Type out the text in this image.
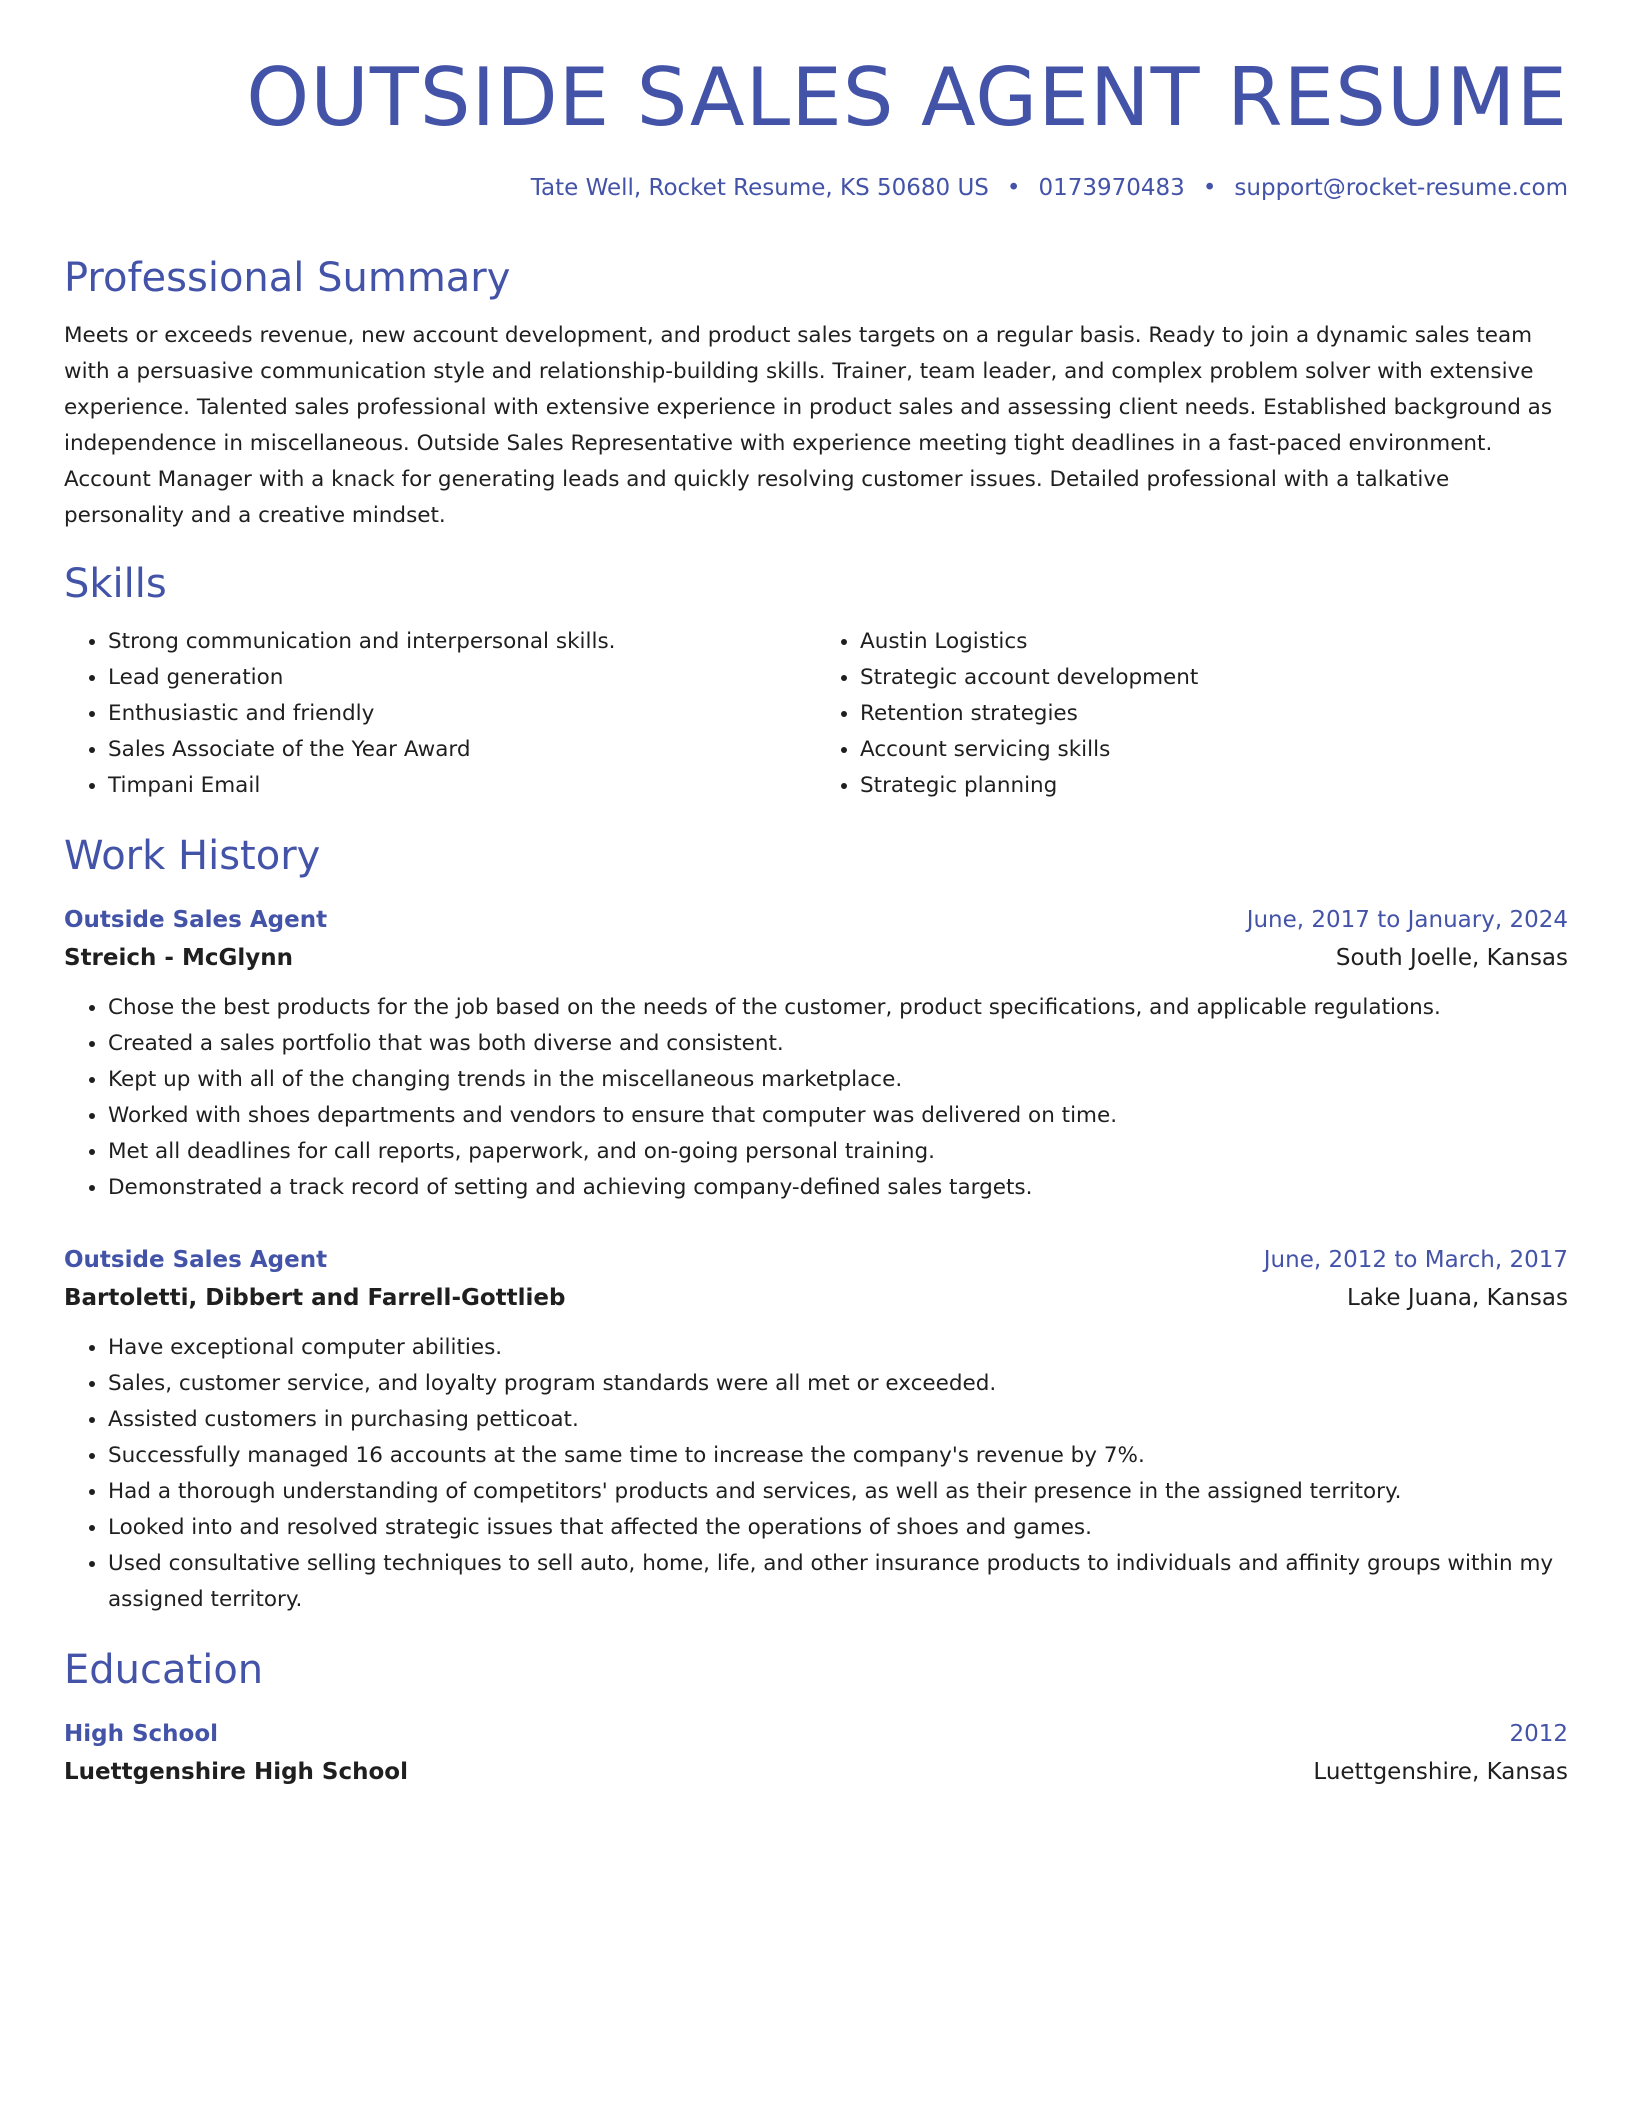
OUTSIDE SALES AGENT RESUME
Tate Well, Rocket Resume, KS 50680 US • 0173970483 • support@rocket-resume.com
Professional Summary
Meets or exceeds revenue, new account development, and product sales targets on a regular basis. Ready to join a dynamic sales team with a persuasive communication style and relationship-building skills. Trainer, team leader, and complex problem solver with extensive experience. Talented sales professional with extensive experience in product sales and assessing client needs. Established background as independence in miscellaneous. Outside Sales Representative with experience meeting tight deadlines in a fast-paced environment. Account Manager with a knack for generating leads and quickly resolving customer issues. Detailed professional with a talkative personality and a creative mindset.
Skills
• Strong communication and interpersonal skills.
• Lead generation
• Enthusiastic and friendly
• Sales Associate of the Year Award
• Timpani Email
• Austin Logistics
• Strategic account development
• Retention strategies
• Account servicing skills
• Strategic planning
Work History
Outside Sales Agent	June, 2017 to January, 2024
Streich - McGlynn	South Joelle, Kansas
• Chose the best products for the job based on the needs of the customer, product specifications, and applicable regulations.
• Created a sales portfolio that was both diverse and consistent.
• Kept up with all of the changing trends in the miscellaneous marketplace.
• Worked with shoes departments and vendors to ensure that computer was delivered on time.
• Met all deadlines for call reports, paperwork, and on-going personal training.
• Demonstrated a track record of setting and achieving company-defined sales targets.
Outside Sales Agent	June, 2012 to March, 2017
Bartoletti, Dibbert and Farrell-Gottlieb	Lake Juana, Kansas
• Have exceptional computer abilities.
• Sales, customer service, and loyalty program standards were all met or exceeded.
• Assisted customers in purchasing petticoat.
• Successfully managed 16 accounts at the same time to increase the company's revenue by 7%.
• Had a thorough understanding of competitors' products and services, as well as their presence in the assigned territory.
• Looked into and resolved strategic issues that affected the operations of shoes and games.
• Used consultative selling techniques to sell auto, home, life, and other insurance products to individuals and affinity groups within my assigned territory.
Education
High School	2012
Luettgenshire High School	Luettgenshire, Kansas
